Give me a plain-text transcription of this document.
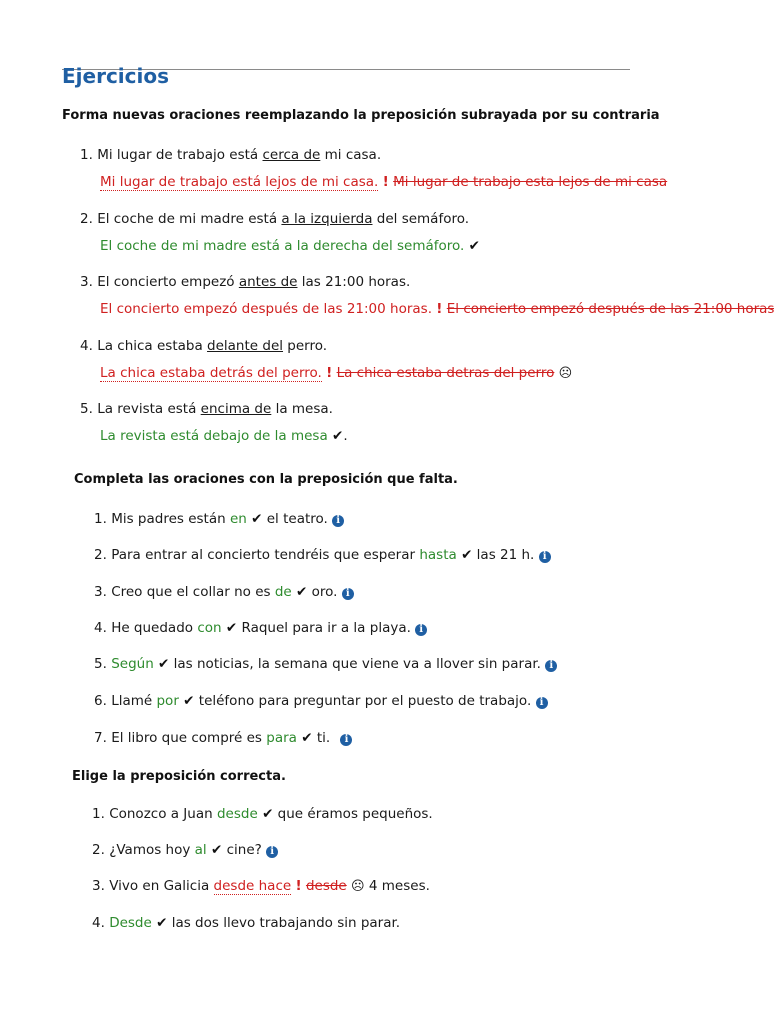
Ejercicios
Forma nuevas oraciones reemplazando la preposición subrayada por su contraria
1. Mi lugar de trabajo está cerca de mi casa.
Mi lugar de trabajo está lejos de mi casa. ! Mi lugar de trabajo esta lejos de mi casa
2. El coche de mi madre está a la izquierda del semáforo.
El coche de mi madre está a la derecha del semáforo. ✔
3. El concierto empezó antes de las 21:00 horas.
El concierto empezó después de las 21:00 horas. ! El concierto empezó después de las 21:00 horas
4. La chica estaba delante del perro.
La chica estaba detrás del perro. ! La chica estaba detras del perro ☹
5. La revista está encima de la mesa.
La revista está debajo de la mesa ✔.
Completa las oraciones con la preposición que falta.
1. Mis padres están en ✔ el teatro. i
2. Para entrar al concierto tendréis que esperar hasta ✔ las 21 h. i
3. Creo que el collar no es de ✔ oro. i
4. He quedado con ✔ Raquel para ir a la playa. i
5. Según ✔ las noticias, la semana que viene va a llover sin parar. i
6. Llamé por ✔ teléfono para preguntar por el puesto de trabajo. i
7. El libro que compré es para ✔ ti. i
Elige la preposición correcta.
1. Conozco a Juan desde ✔ que éramos pequeños.
2. ¿Vamos hoy al ✔ cine? i
3. Vivo en Galicia desde hace ! desde ☹ 4 meses.
4. Desde ✔ las dos llevo trabajando sin parar.
